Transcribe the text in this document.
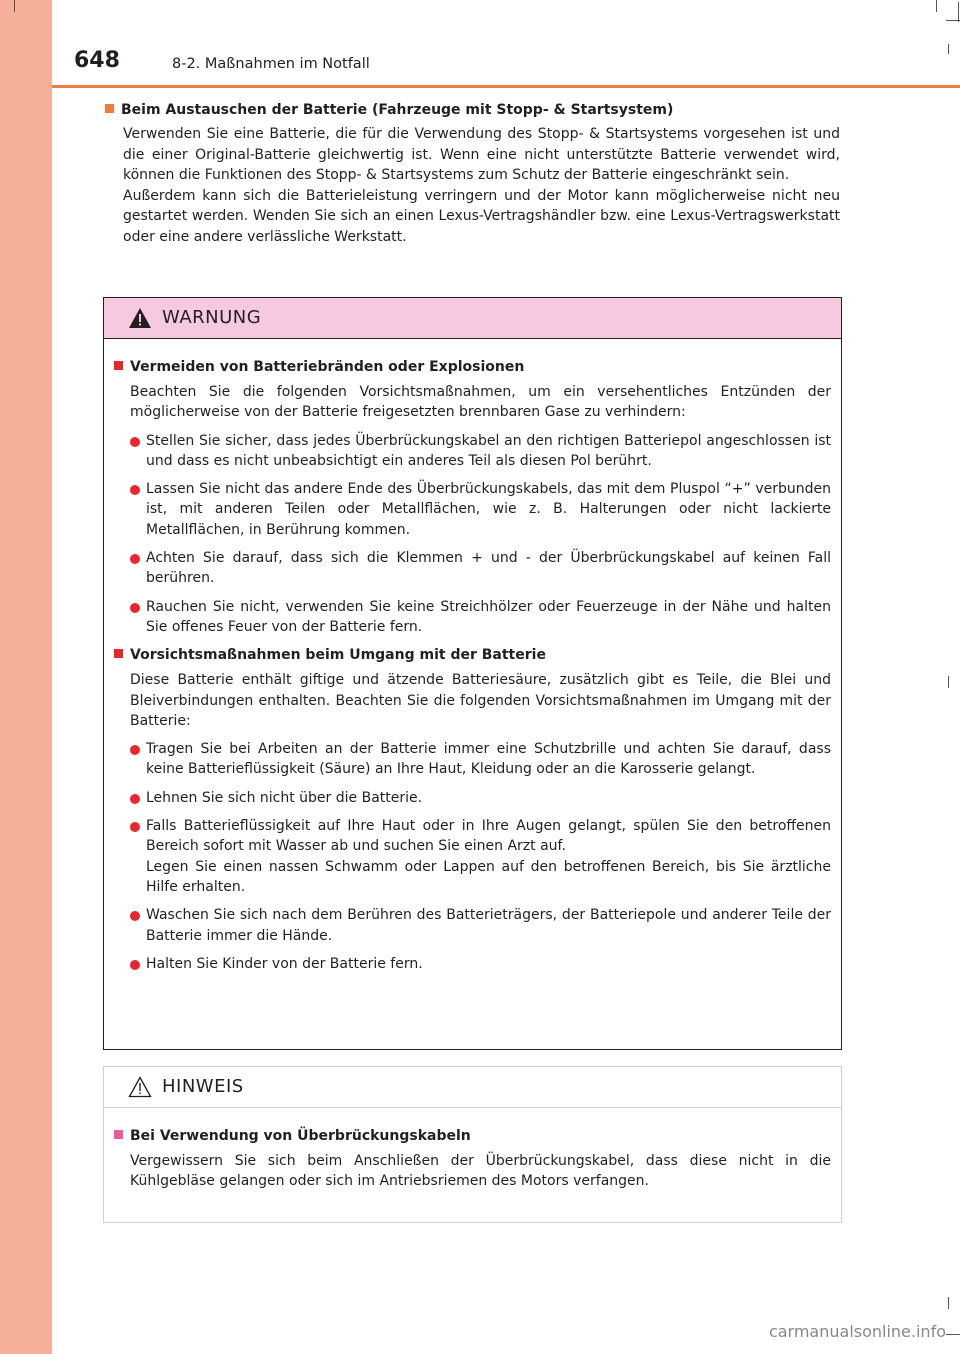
648	8-2. Maßnahmen im Notfall
Beim Austauschen der Batterie (Fahrzeuge mit Stopp- & Startsystem)

Verwenden Sie eine Batterie, die für die Verwendung des Stopp- & Startsystems vorgesehen ist und die einer Original-Batterie gleichwertig ist. Wenn eine nicht unterstützte Batterie verwendet wird, können die Funktionen des Stopp- & Startsystems zum Schutz der Batterie eingeschränkt sein.

Außerdem kann sich die Batterieleistung verringern und der Motor kann möglicherweise nicht neu gestartet werden. Wenden Sie sich an einen Lexus-Vertragshändler bzw. eine Lexus-Vertragswerkstatt oder eine andere verlässliche Werkstatt.

WARNUNG
Vermeiden von Batteriebränden oder Explosionen

Beachten Sie die folgenden Vorsichtsmaßnahmen, um ein versehentliches Entzünden der möglicherweise von der Batterie freigesetzten brennbaren Gase zu verhindern:

Stellen Sie sicher, dass jedes Überbrückungskabel an den richtigen Batteriepol angeschlossen ist und dass es nicht unbeabsichtigt ein anderes Teil als diesen Pol berührt.

Lassen Sie nicht das andere Ende des Überbrückungskabels, das mit dem Pluspol “+” verbunden ist, mit anderen Teilen oder Metallflächen, wie z. B. Halterungen oder nicht lackierte Metallflächen, in Berührung kommen.

Achten Sie darauf, dass sich die Klemmen + und - der Überbrückungskabel auf keinen Fall berühren.

Rauchen Sie nicht, verwenden Sie keine Streichhölzer oder Feuerzeuge in der Nähe und halten Sie offenes Feuer von der Batterie fern.

Vorsichtsmaßnahmen beim Umgang mit der Batterie

Diese Batterie enthält giftige und ätzende Batteriesäure, zusätzlich gibt es Teile, die Blei und Bleiverbindungen enthalten. Beachten Sie die folgenden Vorsichtsmaßnahmen im Umgang mit der Batterie:

Tragen Sie bei Arbeiten an der Batterie immer eine Schutzbrille und achten Sie darauf, dass keine Batterieflüssigkeit (Säure) an Ihre Haut, Kleidung oder an die Karosserie gelangt.

Lehnen Sie sich nicht über die Batterie.

Falls Batterieflüssigkeit auf Ihre Haut oder in Ihre Augen gelangt, spülen Sie den betroffenen Bereich sofort mit Wasser ab und suchen Sie einen Arzt auf.

Legen Sie einen nassen Schwamm oder Lappen auf den betroffenen Bereich, bis Sie ärztliche Hilfe erhalten.

Waschen Sie sich nach dem Berühren des Batterieträgers, der Batteriepole und anderer Teile der Batterie immer die Hände.

Halten Sie Kinder von der Batterie fern.

HINWEIS
Bei Verwendung von Überbrückungskabeln

Vergewissern Sie sich beim Anschließen der Überbrückungskabel, dass diese nicht in die Kühlgebläse gelangen oder sich im Antriebsriemen des Motors verfangen.

carmanualsonline.info
